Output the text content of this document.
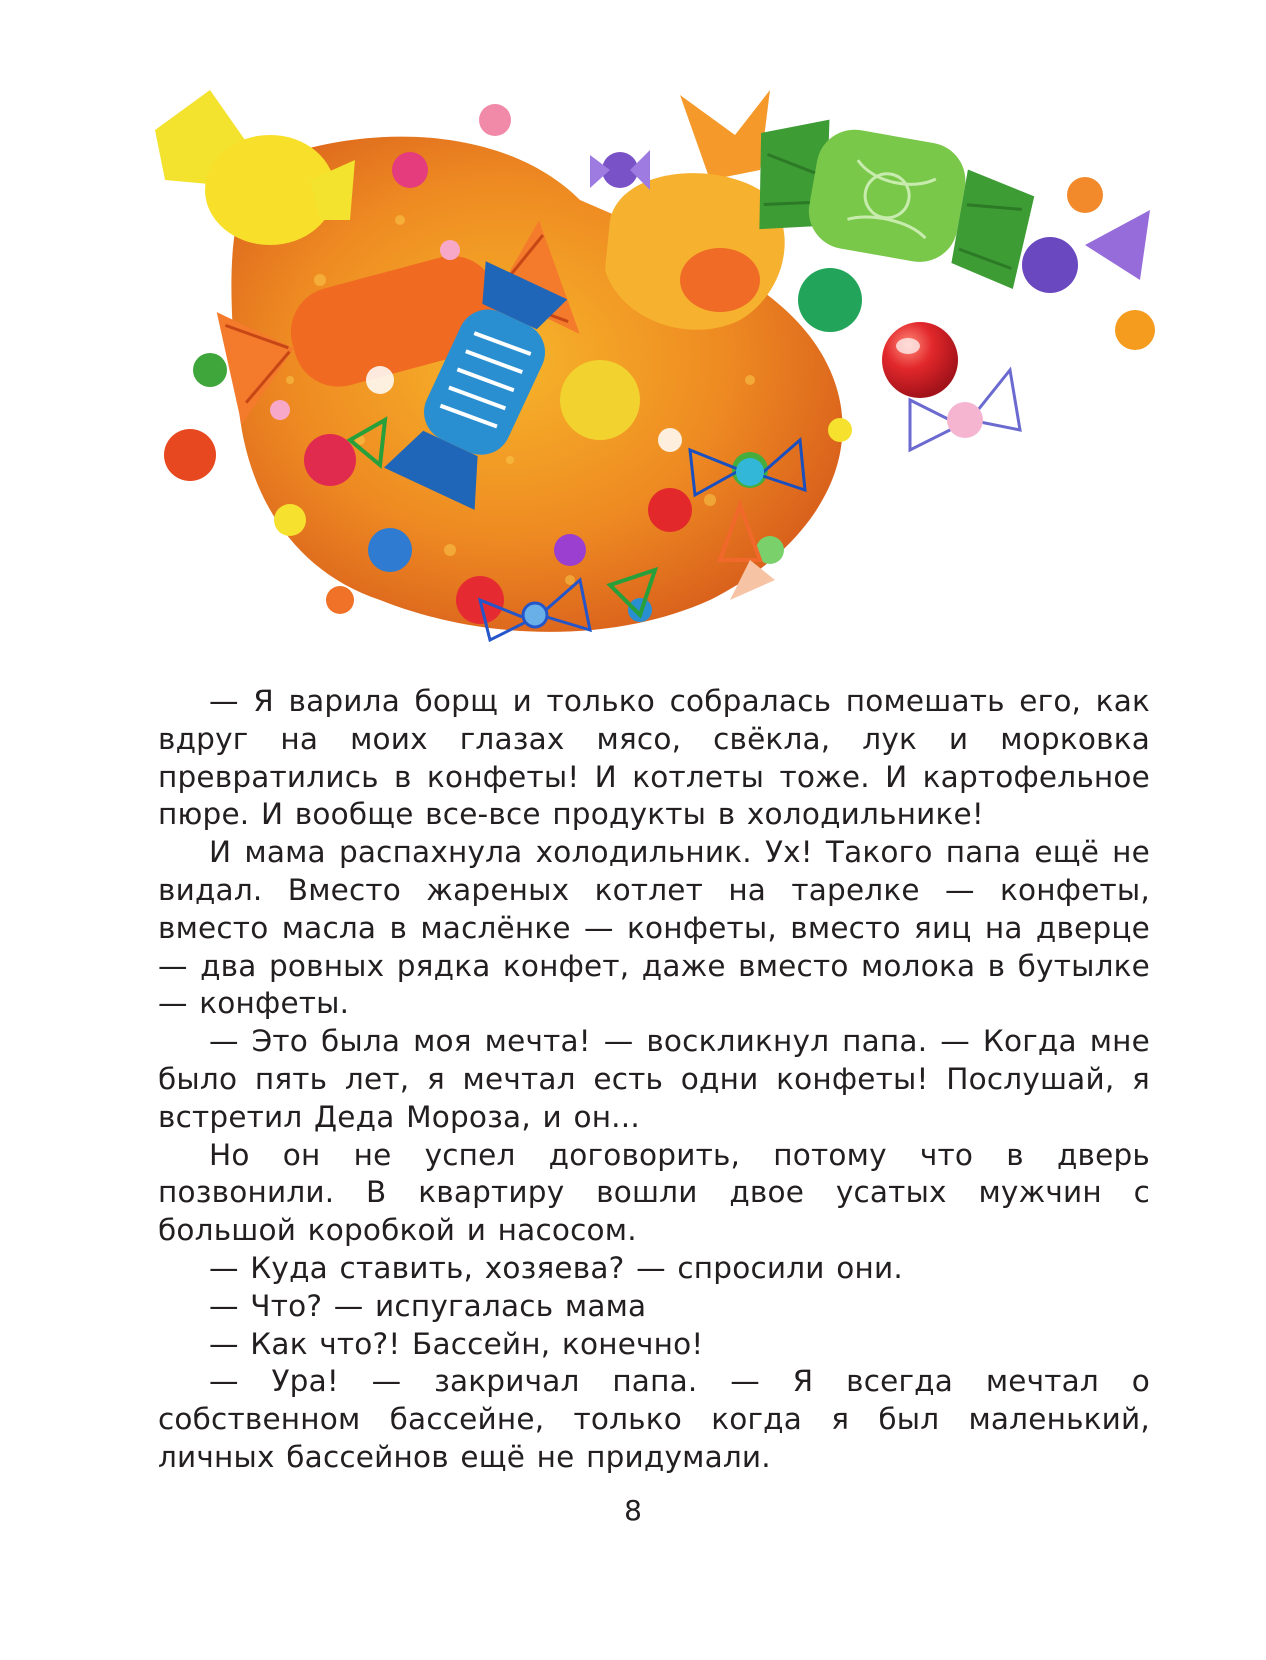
— Я варила борщ и только собралась помешать его, как вдруг на моих глазах мясо, свёкла, лук и морковка превратились в конфеты! И котлеты тоже. И картофельное пюре. И вообще все-все продукты в холодильнике!

И мама распахнула холодильник. Ух! Такого папа ещё не видал. Вместо жареных котлет на тарелке — конфеты, вместо масла в маслёнке — конфеты, вместо яиц на дверце — два ровных рядка конфет, даже вместо молока в бутылке — конфеты.

— Это была моя мечта! — воскликнул папа. — Когда мне было пять лет, я мечтал есть одни конфеты! Послушай, я встретил Деда Мороза, и он...

Но он не успел договорить, потому что в дверь позвонили. В квартиру вошли двое усатых мужчин с большой коробкой и насосом.

— Куда ставить, хозяева? — спросили они.

— Что? — испугалась мама

— Как что?! Бассейн, конечно!

— Ура! — закричал папа. — Я всегда мечтал о собственном бассейне, только когда я был маленький, личных бассейнов ещё не придумали.

8
